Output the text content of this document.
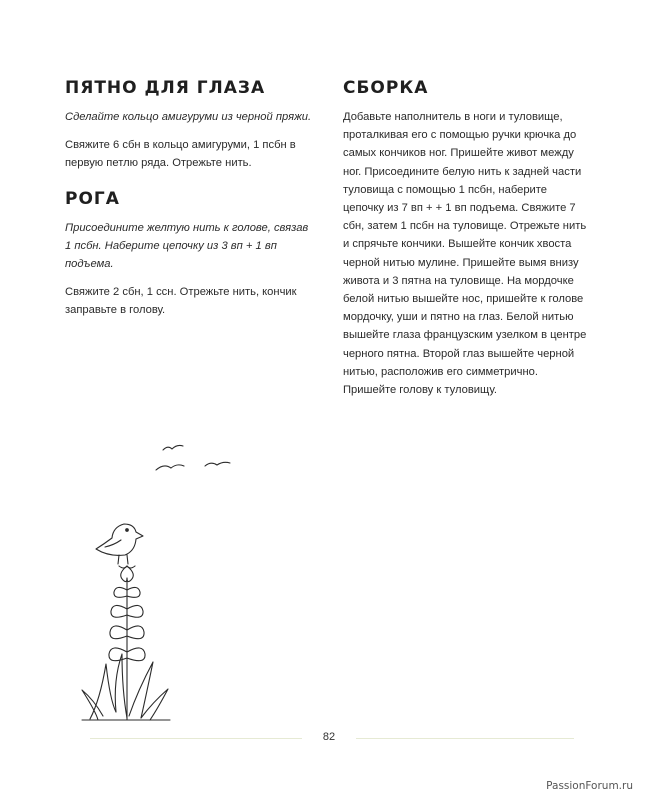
ПЯТНО ДЛЯ ГЛАЗА

Сделайте кольцо амигуруми из черной пряжи.

Свяжите 6 сбн в кольцо амигуруми, 1 псбн в первую петлю ряда. Отрежьте нить.

РОГА

Присоедините желтую нить к голове, связав 1 псбн. Наберите цепочку из 3 вп + 1 вп подъема.

Свяжите 2 сбн, 1 ссн. Отрежьте нить, кончик заправьте в голову.

СБОРКА

Добавьте наполнитель в ноги и туловище, проталкивая его с помощью ручки крючка до самых кончиков ног. Пришейте живот между ног. Присоедините белую нить к задней части туловища с помощью 1 псбн, наберите цепочку из 7 вп + + 1 вп подъема. Свяжите 7 сбн, затем 1 псбн на туловище. Отрежьте нить и спрячьте кончики. Вышейте кончик хвоста черной нитью мулине. Пришейте вымя внизу живота и 3 пятна на туловище. На мордочке белой нитью вышейте нос, пришейте к голове мордочку, уши и пятно на глаз. Белой нитью вышейте глаза французским узелком в центре черного пятна. Второй глаз вышейте черной нитью, расположив его симметрично. Пришейте голову к туловищу.

82
PassionForum.ru
